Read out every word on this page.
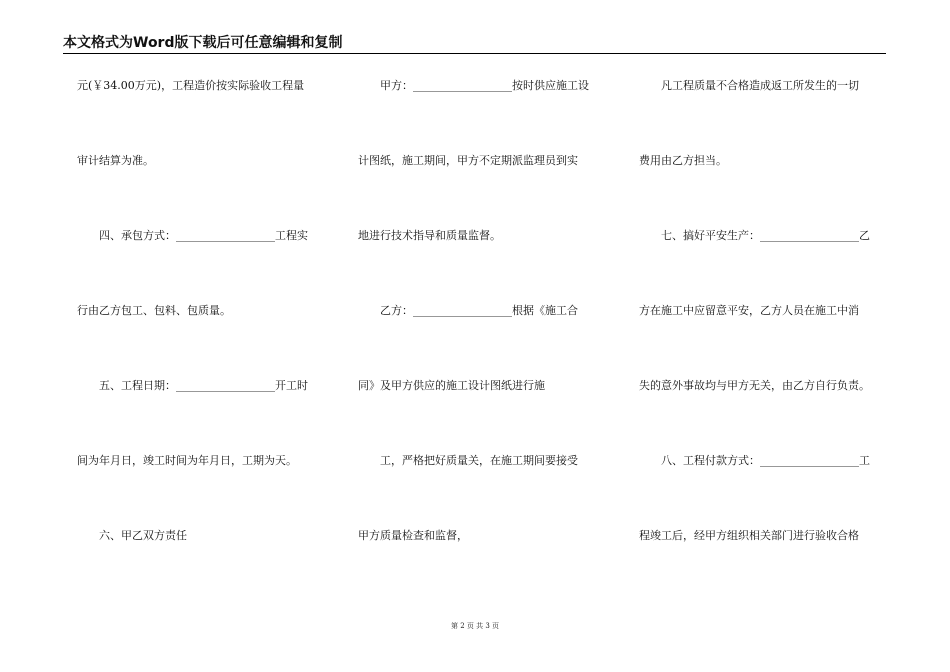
本文格式为Word版下载后可任意编辑和复制
元(￥34.00万元)，工程造价按实际验收工程量
审计结算为准。
　　四、承包方式：__________________工程实
行由乙方包工、包料、包质量。
　　五、工程日期：__________________开工时
间为年月日，竣工时间为年月日，工期为天。
　　六、甲乙双方责任
　　甲方：__________________按时供应施工设
计图纸，施工期间，甲方不定期派监理员到实
地进行技术指导和质量监督。
　　乙方：__________________根据《施工合
同》及甲方供应的施工设计图纸进行施
　　工，严格把好质量关，在施工期间要接受
甲方质量检查和监督，
　　凡工程质量不合格造成返工所发生的一切
费用由乙方担当。
　　七、搞好平安生产：__________________乙
方在施工中应留意平安，乙方人员在施工中消
失的意外事故均与甲方无关，由乙方自行负责。
　　八、工程付款方式：__________________工
程竣工后，经甲方组织相关部门进行验收合格
第 2 页 共 3 页
